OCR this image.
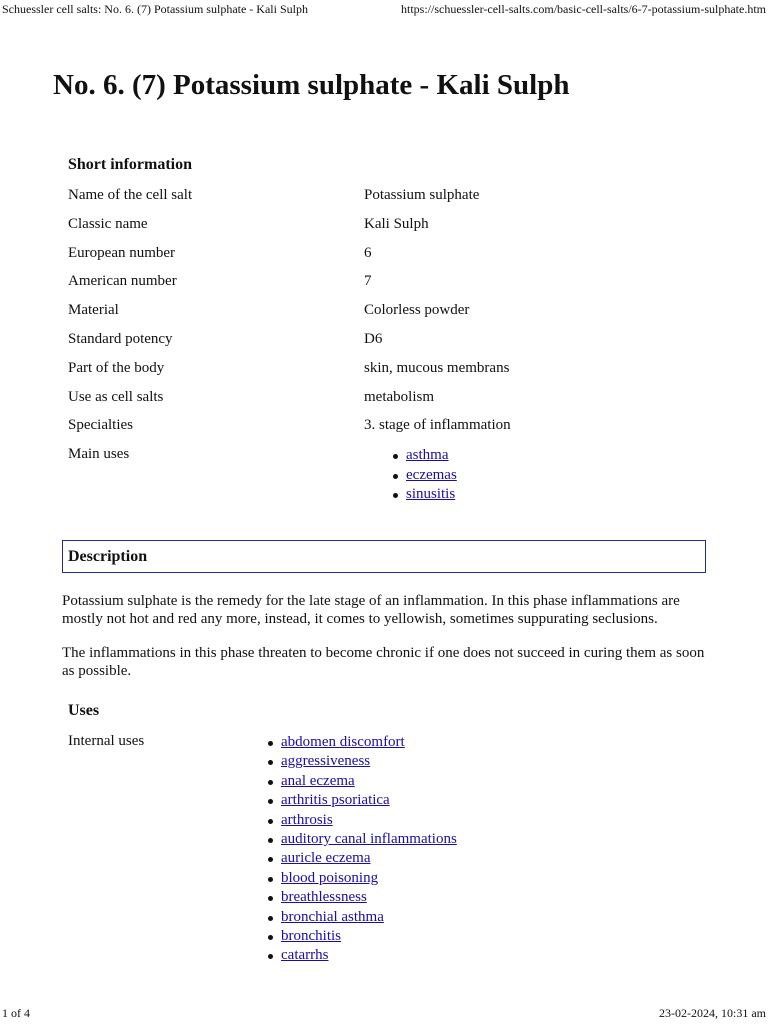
Schuessler cell salts: No. 6. (7) Potassium sulphate - Kali Sulph	https://schuessler-cell-salts.com/basic-cell-salts/6-7-potassium-sulphate.htm
No. 6. (7) Potassium sulphate - Kali Sulph
Short information
Name of the cell salt	Potassium sulphate
Classic name	Kali Sulph
European number	6
American number	7
Material	Colorless powder
Standard potency	D6
Part of the body	skin, mucous membrans
Use as cell salts	metabolism
Specialties	3. stage of inflammation
Main uses	asthma
eczemas
sinusitis
Description

Potassium sulphate is the remedy for the late stage of an inflammation. In this phase inflammations are mostly not hot and red any more, instead, it comes to yellowish, sometimes suppurating seclusions.

The inflammations in this phase threaten to become chronic if one does not succeed in curing them as soon as possible.

Uses
Internal uses	abdomen discomfort
aggressiveness
anal eczema
arthritis psoriatica
arthrosis
auditory canal inflammations
auricle eczema
blood poisoning
breathlessness
bronchial asthma
bronchitis
catarrhs
1 of 4	23-02-2024, 10:31 am
